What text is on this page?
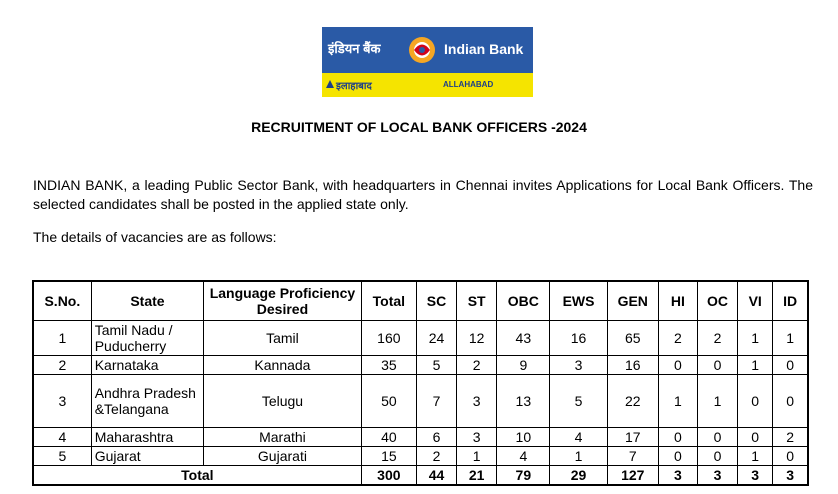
इंडियन बैंक	Indian Bank
इलाहाबाद	ALLAHABAD
RECRUITMENT OF LOCAL BANK OFFICERS -2024
INDIAN BANK, a leading Public Sector Bank, with headquarters in Chennai invites Applications for Local Bank Officers. The selected candidates shall be posted in the applied state only.
The details of vacancies are as follows:
S.No.	State	Language Proficiency Desired	Total	SC	ST	OBC	EWS	GEN	HI	OC	VI	ID
1	Tamil Nadu / Puducherry	Tamil	160	24	12	43	16	65	2	2	1	1
2	Karnataka	Kannada	35	5	2	9	3	16	0	0	1	0
3	Andhra Pradesh &Telangana	Telugu	50	7	3	13	5	22	1	1	0	0
4	Maharashtra	Marathi	40	6	3	10	4	17	0	0	0	2
5	Gujarat	Gujarati	15	2	1	4	1	7	0	0	1	0
Total			300	44	21	79	29	127	3	3	3	3
